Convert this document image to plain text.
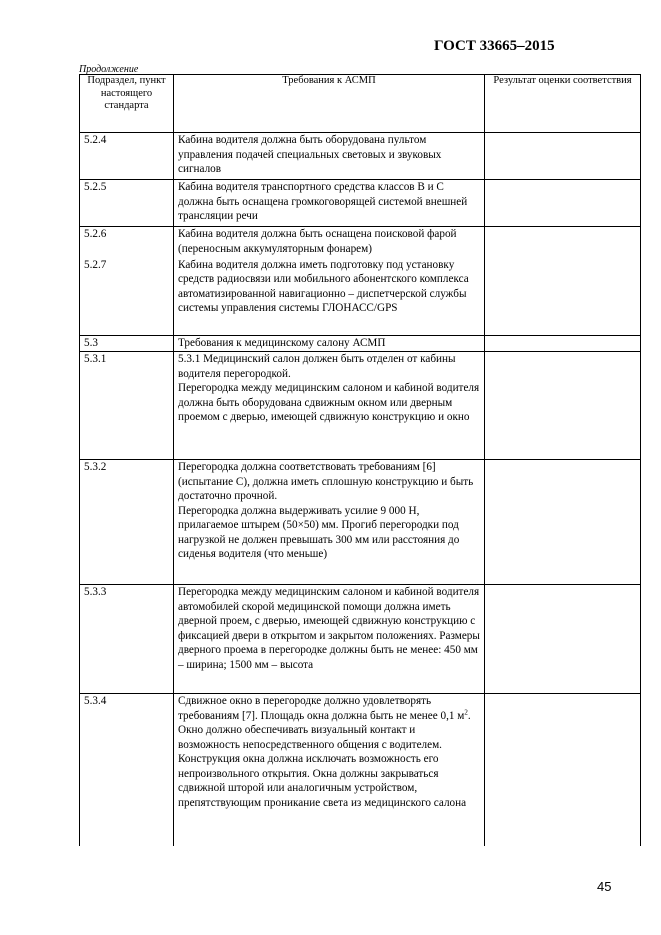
ГОСТ 33665–2015
Продолжение
Подраздел, пункт настоящего стандарта	Требования к АСМП	Результат оценки соответствия
5.2.4	Кабина водителя должна быть оборудована пультом управления подачей специальных световых и звуковых сигналов	
5.2.5	Кабина водителя транспортного средства классов В и С должна быть оснащена громкоговорящей системой внешней трансляции речи	
5.2.6	Кабина водителя должна быть оснащена поисковой фарой (переносным аккумуляторным фонарем)	
5.2.7	Кабина водителя должна иметь подготовку под установку средств радиосвязи или мобильного абонентского комплекса автоматизированной навигационно – диспетчерской службы системы управления системы ГЛОНАСС/GPS	
5.3	Требования к медицинскому салону АСМП	
5.3.1	5.3.1 Медицинский салон должен быть отделен от кабины водителя перегородкой.
Перегородка между медицинским салоном и кабиной водителя должна быть оборудована сдвижным окном или дверным проемом с дверью, имеющей сдвижную конструкцию и окно

5.3.2	Перегородка должна соответствовать требованиям [6] (испытание С), должна иметь сплошную конструкцию и быть достаточно прочной.
Перегородка должна выдерживать усилие 9 000 Н, прилагаемое штырем (50×50) мм. Прогиб перегородки под нагрузкой не должен превышать 300 мм или расстояния до сиденья водителя (что меньше)	
5.3.3	Перегородка между медицинским салоном и кабиной водителя автомобилей скорой медицинской помощи должна иметь дверной проем, с дверью, имеющей сдвижную конструкцию с фиксацией двери в открытом и закрытом положениях. Размеры дверного проема в перегородке должны быть не менее: 450 мм – ширина; 1500 мм – высота	
5.3.4	Сдвижное окно в перегородке должно удовлетворять требованиям [7]. Площадь окна должна быть не менее 0,1 $м^2$. Окно должно обеспечивать визуальный контакт и возможность непосредственного общения с водителем.
Конструкция окна должна исключать возможность его непроизвольного открытия. Окна должны закрываться сдвижной шторой или аналогичным устройством, препятствующим проникание света из медицинского салона	
45
